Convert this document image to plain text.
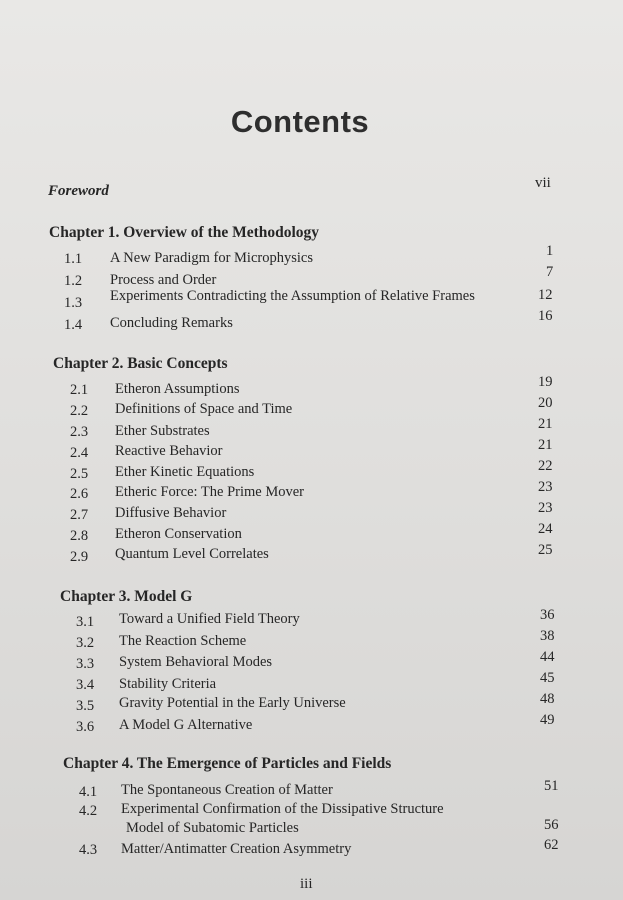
Contents
Foreword	vii
Chapter 1. Overview of the Methodology
1.1 A New Paradigm for Microphysics	1
1.2 Process and Order	7
1.3 Experiments Contradicting the Assumption of Relative Frames	12
1.4 Concluding Remarks	16
Chapter 2. Basic Concepts
2.1 Etheron Assumptions	19
2.2 Definitions of Space and Time	20
2.3 Ether Substrates	21
2.4 Reactive Behavior	21
2.5 Ether Kinetic Equations	22
2.6 Etheric Force: The Prime Mover	23
2.7 Diffusive Behavior	23
2.8 Etheron Conservation	24
2.9 Quantum Level Correlates	25
Chapter 3. Model G
3.1 Toward a Unified Field Theory	36
3.2 The Reaction Scheme	38
3.3 System Behavioral Modes	44
3.4 Stability Criteria	45
3.5 Gravity Potential in the Early Universe	48
3.6 A Model G Alternative	49
Chapter 4. The Emergence of Particles and Fields
4.1 The Spontaneous Creation of Matter	51
4.2 Experimental Confirmation of the Dissipative Structure
Model of Subatomic Particles	56
4.3 Matter/Antimatter Creation Asymmetry	62
iii
